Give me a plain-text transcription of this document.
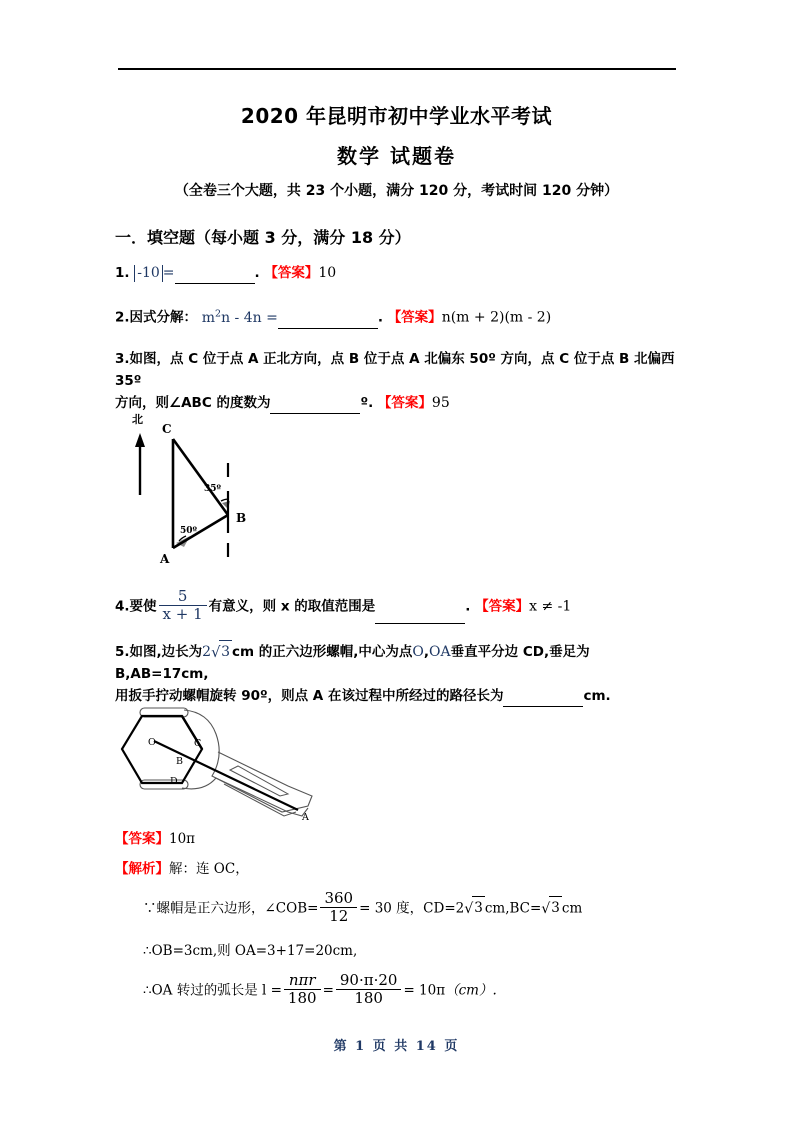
2020 年昆明市初中学业水平考试
数学 试题卷
（全卷三个大题，共 23 个小题，满分 120 分，考试时间 120 分钟）
一．填空题（每小题 3 分，满分 18 分）
1. -10 =	. 【答案】10
2.因式分解： $m^2n - 4n$ =	. 【答案】n(m + 2)(m - 2)
3.如图，点 C 位于点 A 正北方向，点 B 位于点 A 北偏东 50º 方向，点 C 位于点 B 北偏西 35º
方向，则∠ABC 的度数为	º. 【答案】95
北
C
B
A
35º
50º
4.要使 $\frac{5}{x + 1}$ 有意义，则 x 的取值范围是	. 【答案】x ≠ -1
5.如图,边长为2 √ 3 cm 的正六边形螺帽,中心为点O,OA垂直平分边 CD,垂足为 B,AB=17cm,
用扳手拧动螺帽旋转 90º，则点 A 在该过程中所经过的路径长为	cm.
O	C
B
D
A
【答案】10π
【解析】解：连 OC，
∵螺帽是正六边形，∠COB= $\frac{360}{12} = 30$ 度，CD=2 √ 3 cm,BC= √ 3 cm
∴OB=3cm,则 OA=3+17=20cm,
∴OA 转过的弧长是 $l = \frac{\text{nπr}}{180} = \frac{90\cdot\pi\cdot 20}{180} = 10\pi(cm)$.
第 1 页 共 14 页
